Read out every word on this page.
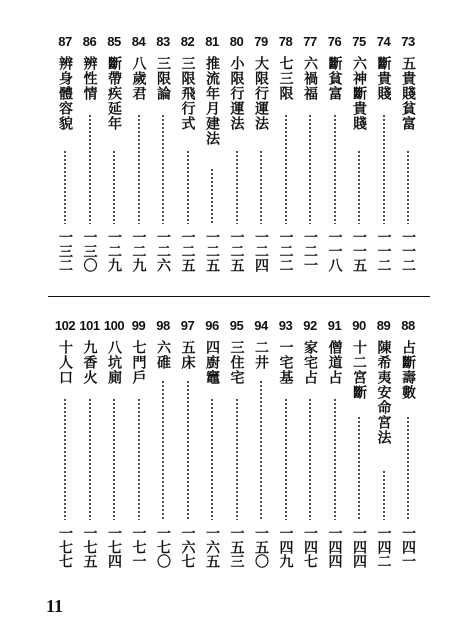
73
五貴賤貧富
一一二
74
斷貴賤
一一二
75
六神斷貴賤
一一五
76
斷貧富
一一八
77
六禍福
一二一
78
七三限
一二二
79
大限行運法
一二四
80
小限行運法
一二五
81
推流年月建法
一二五
82
三限飛行式
一二五
83
三限論
一二六
84
八歲君
一二九
85
斷帶疾延年
一二九
86
辨性情
一三〇
87
辨身體容貌
一三二
88
占斷壽數
一四一
89
陳希夷安命宮法
一四二
90
十二宮斷
一四四
91
僧道占
一四四
92
家宅占
一四七
93
一宅基
一四九
94
二井
一五〇
95
三住宅
一五三
96
四廚竈
一六五
97
五床
一六七
98
六碓
一七〇
99
七門戶
一七一
100
八坑廁
一七四
101
九香火
一七五
102
十人口
一七七
11
